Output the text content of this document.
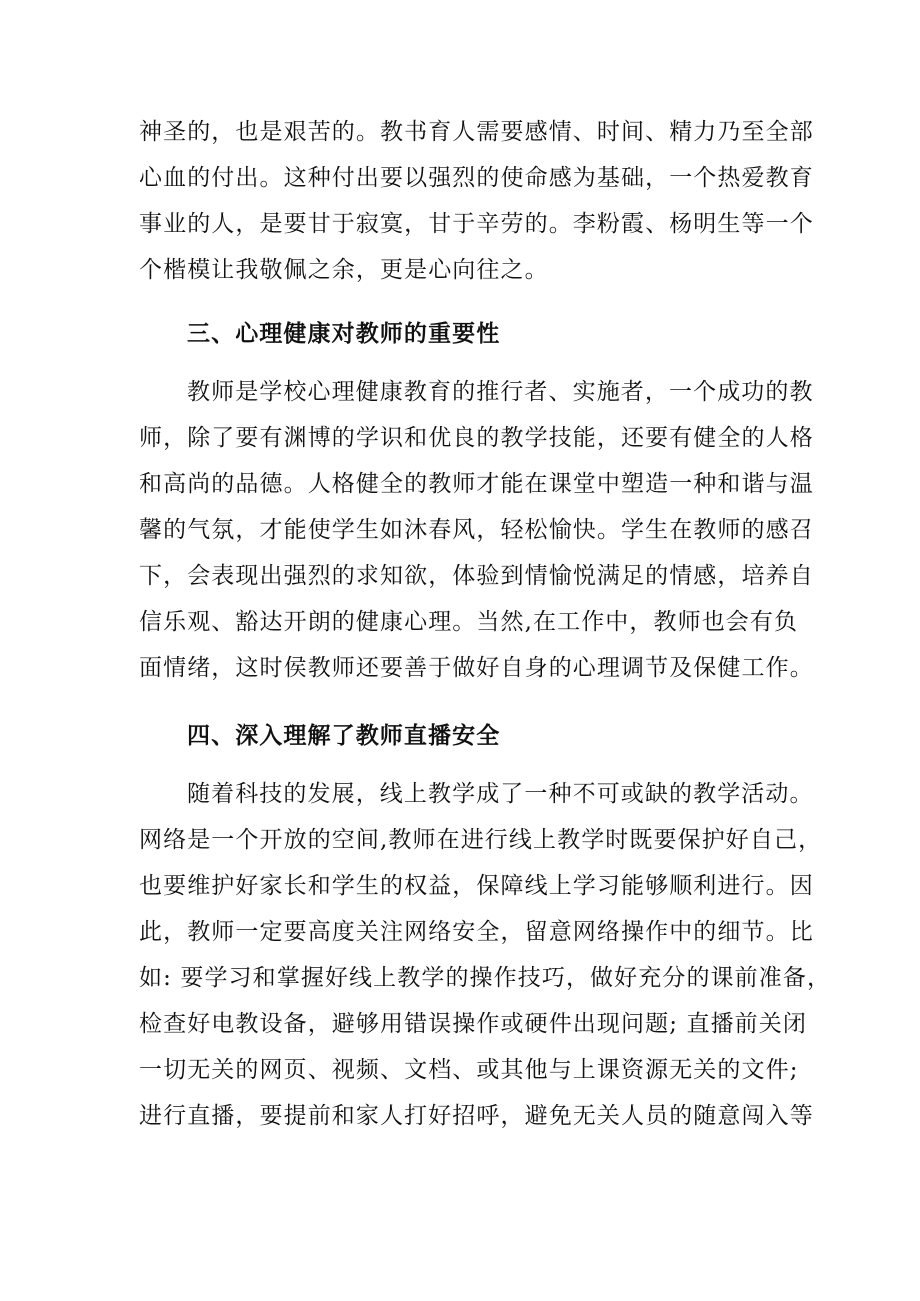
神圣的，也是艰苦的。教书育人需要感情、时间、精力乃至全部
心血的付出。这种付出要以强烈的使命感为基础，一个热爱教育
事业的人，是要甘于寂寞，甘于辛劳的。李粉霞、杨明生等一个
个楷模让我敬佩之余，更是心向往之。
三、心理健康对教师的重要性
教师是学校心理健康教育的推行者、实施者，一个成功的教
师，除了要有渊博的学识和优良的教学技能，还要有健全的人格
和高尚的品德。人格健全的教师才能在课堂中塑造一种和谐与温
馨的气氛，才能使学生如沐春风，轻松愉快。学生在教师的感召
下，会表现出强烈的求知欲，体验到情愉悦满足的情感，培养自
信乐观、豁达开朗的健康心理。当然,在工作中，教师也会有负
面情绪，这时侯教师还要善于做好自身的心理调节及保健工作。
四、深入理解了教师直播安全
随着科技的发展，线上教学成了一种不可或缺的教学活动。
网络是一个开放的空间,教师在进行线上教学时既要保护好自己，
也要维护好家长和学生的权益，保障线上学习能够顺利进行。因
此，教师一定要高度关注网络安全，留意网络操作中的细节。比
如: 要学习和掌握好线上教学的操作技巧，做好充分的课前准备，
检查好电教设备，避够用错误操作或硬件出现问题; 直播前关闭
一切无关的网页、视频、文档、或其他与上课资源无关的文件;
进行直播，要提前和家人打好招呼，避免无关人员的随意闯入等
